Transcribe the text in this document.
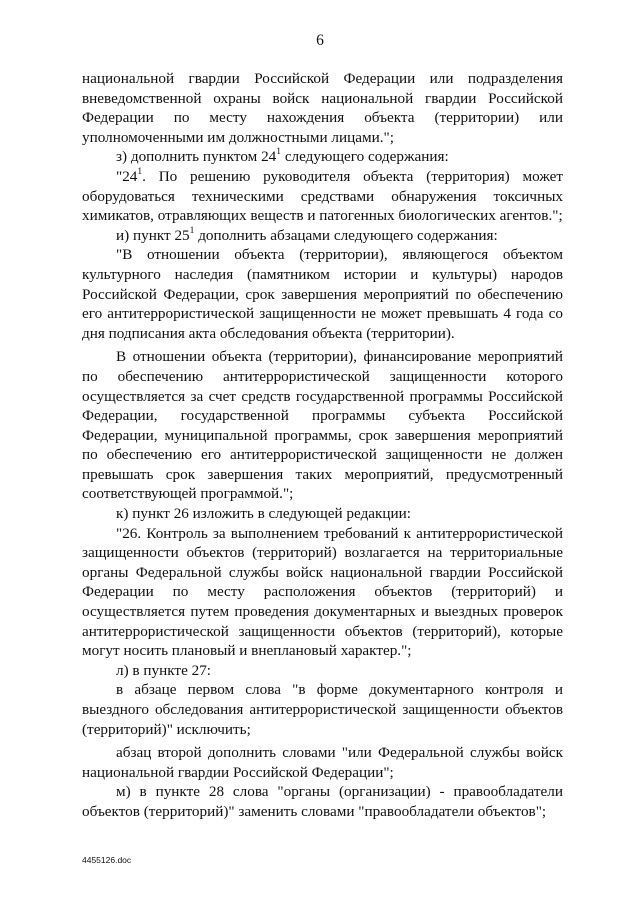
6

национальной гвардии Российской Федерации или подразделения вневедомственной охраны войск национальной гвардии Российской Федерации по месту нахождения объекта (территории) или уполномоченными им должностными лицами.";

з) дополнить пунктом $24^1$ следующего содержания:

"$24^1$. По решению руководителя объекта (территория) может оборудоваться техническими средствами обнаружения токсичных химикатов, отравляющих веществ и патогенных биологических агентов.";

и) пункт $25^1$ дополнить абзацами следующего содержания:

"В отношении объекта (территории), являющегося объектом культурного наследия (памятником истории и культуры) народов Российской Федерации, срок завершения мероприятий по обеспечению его антитеррористической защищенности не может превышать 4 года со дня подписания акта обследования объекта (территории).

В отношении объекта (территории), финансирование мероприятий по обеспечению антитеррористической защищенности которого осуществляется за счет средств государственной программы Российской Федерации, государственной программы субъекта Российской Федерации, муниципальной программы, срок завершения мероприятий по обеспечению его антитеррористической защищенности не должен превышать срок завершения таких мероприятий, предусмотренный соответствующей программой.";

к) пункт 26 изложить в следующей редакции:

"26. Контроль за выполнением требований к антитеррористической защищенности объектов (территорий) возлагается на территориальные органы Федеральной службы войск национальной гвардии Российской Федерации по месту расположения объектов (территорий) и осуществляется путем проведения документарных и выездных проверок антитеррористической защищенности объектов (территорий), которые могут носить плановый и внеплановый характер.";

л) в пункте 27:

в абзаце первом слова "в форме документарного контроля и выездного обследования антитеррористической защищенности объектов (территорий)" исключить;

абзац второй дополнить словами "или Федеральной службы войск национальной гвардии Российской Федерации";

м) в пункте 28 слова "органы (организации) - правообладатели объектов (территорий)" заменить словами "правообладатели объектов";

4455126.doc
